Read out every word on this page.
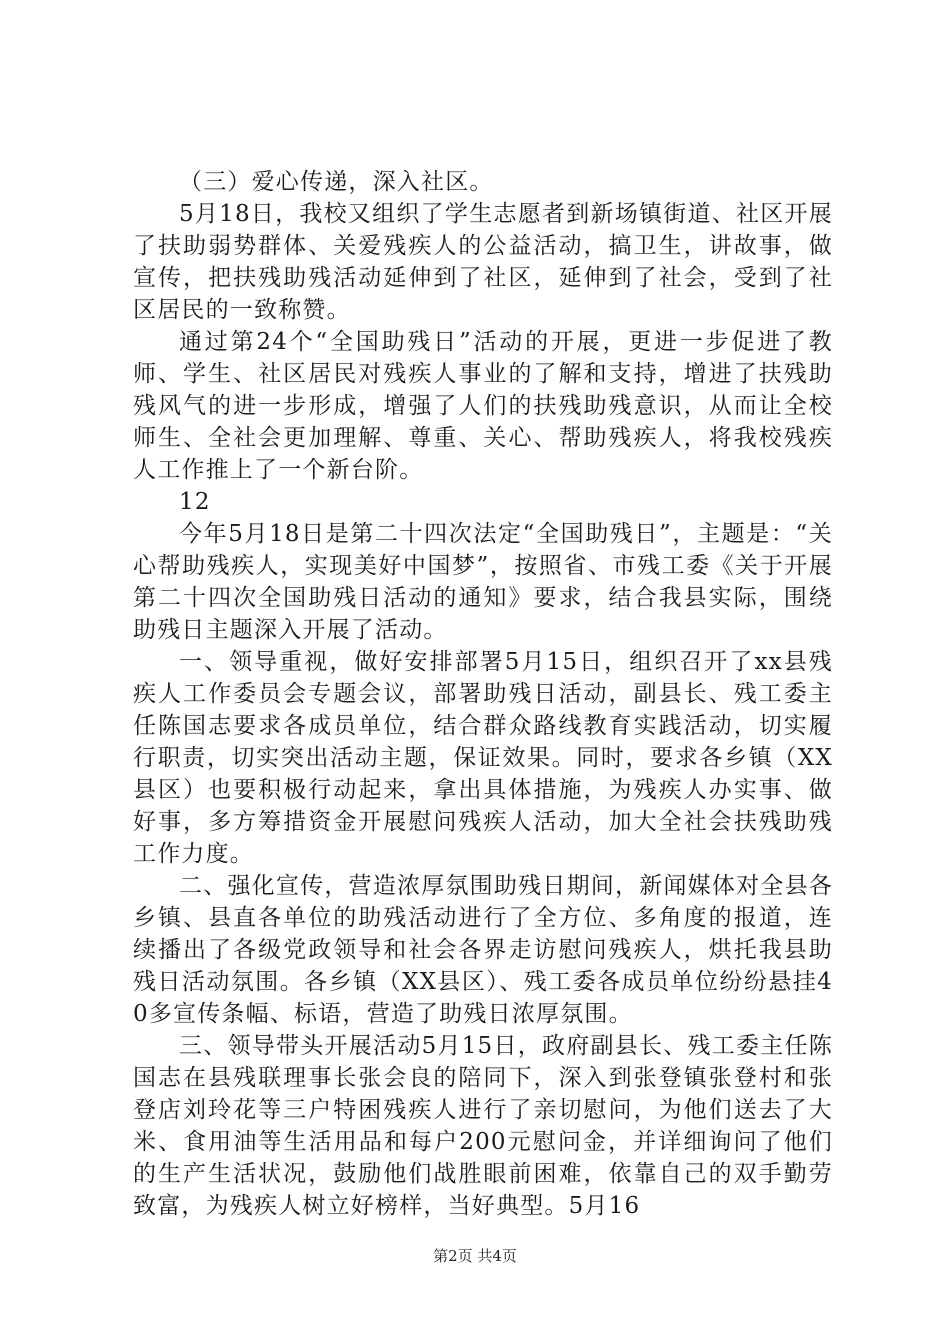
（三）爱心传递，深入社区。

5月18日，我校又组织了学生志愿者到新场镇街道、社区开展了扶助弱势群体、关爱残疾人的公益活动，搞卫生，讲故事，做宣传，把扶残助残活动延伸到了社区，延伸到了社会，受到了社区居民的一致称赞。

通过第24个“全国助残日”活动的开展，更进一步促进了教师、学生、社区居民对残疾人事业的了解和支持，增进了扶残助残风气的进一步形成，增强了人们的扶残助残意识，从而让全校师生、全社会更加理解、尊重、关心、帮助残疾人，将我校残疾人工作推上了一个新台阶。

12

今年5月18日是第二十四次法定“全国助残日”，主题是：“关心帮助残疾人，实现美好中国梦”，按照省、市残工委《关于开展第二十四次全国助残日活动的通知》要求，结合我县实际，围绕助残日主题深入开展了活动。

一、领导重视，做好安排部署5月15日，组织召开了xx县残疾人工作委员会专题会议，部署助残日活动，副县长、残工委主任陈国志要求各成员单位，结合群众路线教育实践活动，切实履行职责，切实突出活动主题，保证效果。同时，要求各乡镇（XX县区）也要积极行动起来，拿出具体措施，为残疾人办实事、做好事，多方筹措资金开展慰问残疾人活动，加大全社会扶残助残工作力度。

二、强化宣传，营造浓厚氛围助残日期间，新闻媒体对全县各乡镇、县直各单位的助残活动进行了全方位、多角度的报道，连续播出了各级党政领导和社会各界走访慰问残疾人，烘托我县助残日活动氛围。各乡镇（XX县区）、残工委各成员单位纷纷悬挂40多宣传条幅、标语，营造了助残日浓厚氛围。

三、领导带头开展活动5月15日，政府副县长、残工委主任陈国志在县残联理事长张会良的陪同下，深入到张登镇张登村和张登店刘玲花等三户特困残疾人进行了亲切慰问，为他们送去了大米、食用油等生活用品和每户200元慰问金，并详细询问了他们的生产生活状况，鼓励他们战胜眼前困难，依靠自己的双手勤劳致富，为残疾人树立好榜样，当好典型。5月16

第2页 共4页
